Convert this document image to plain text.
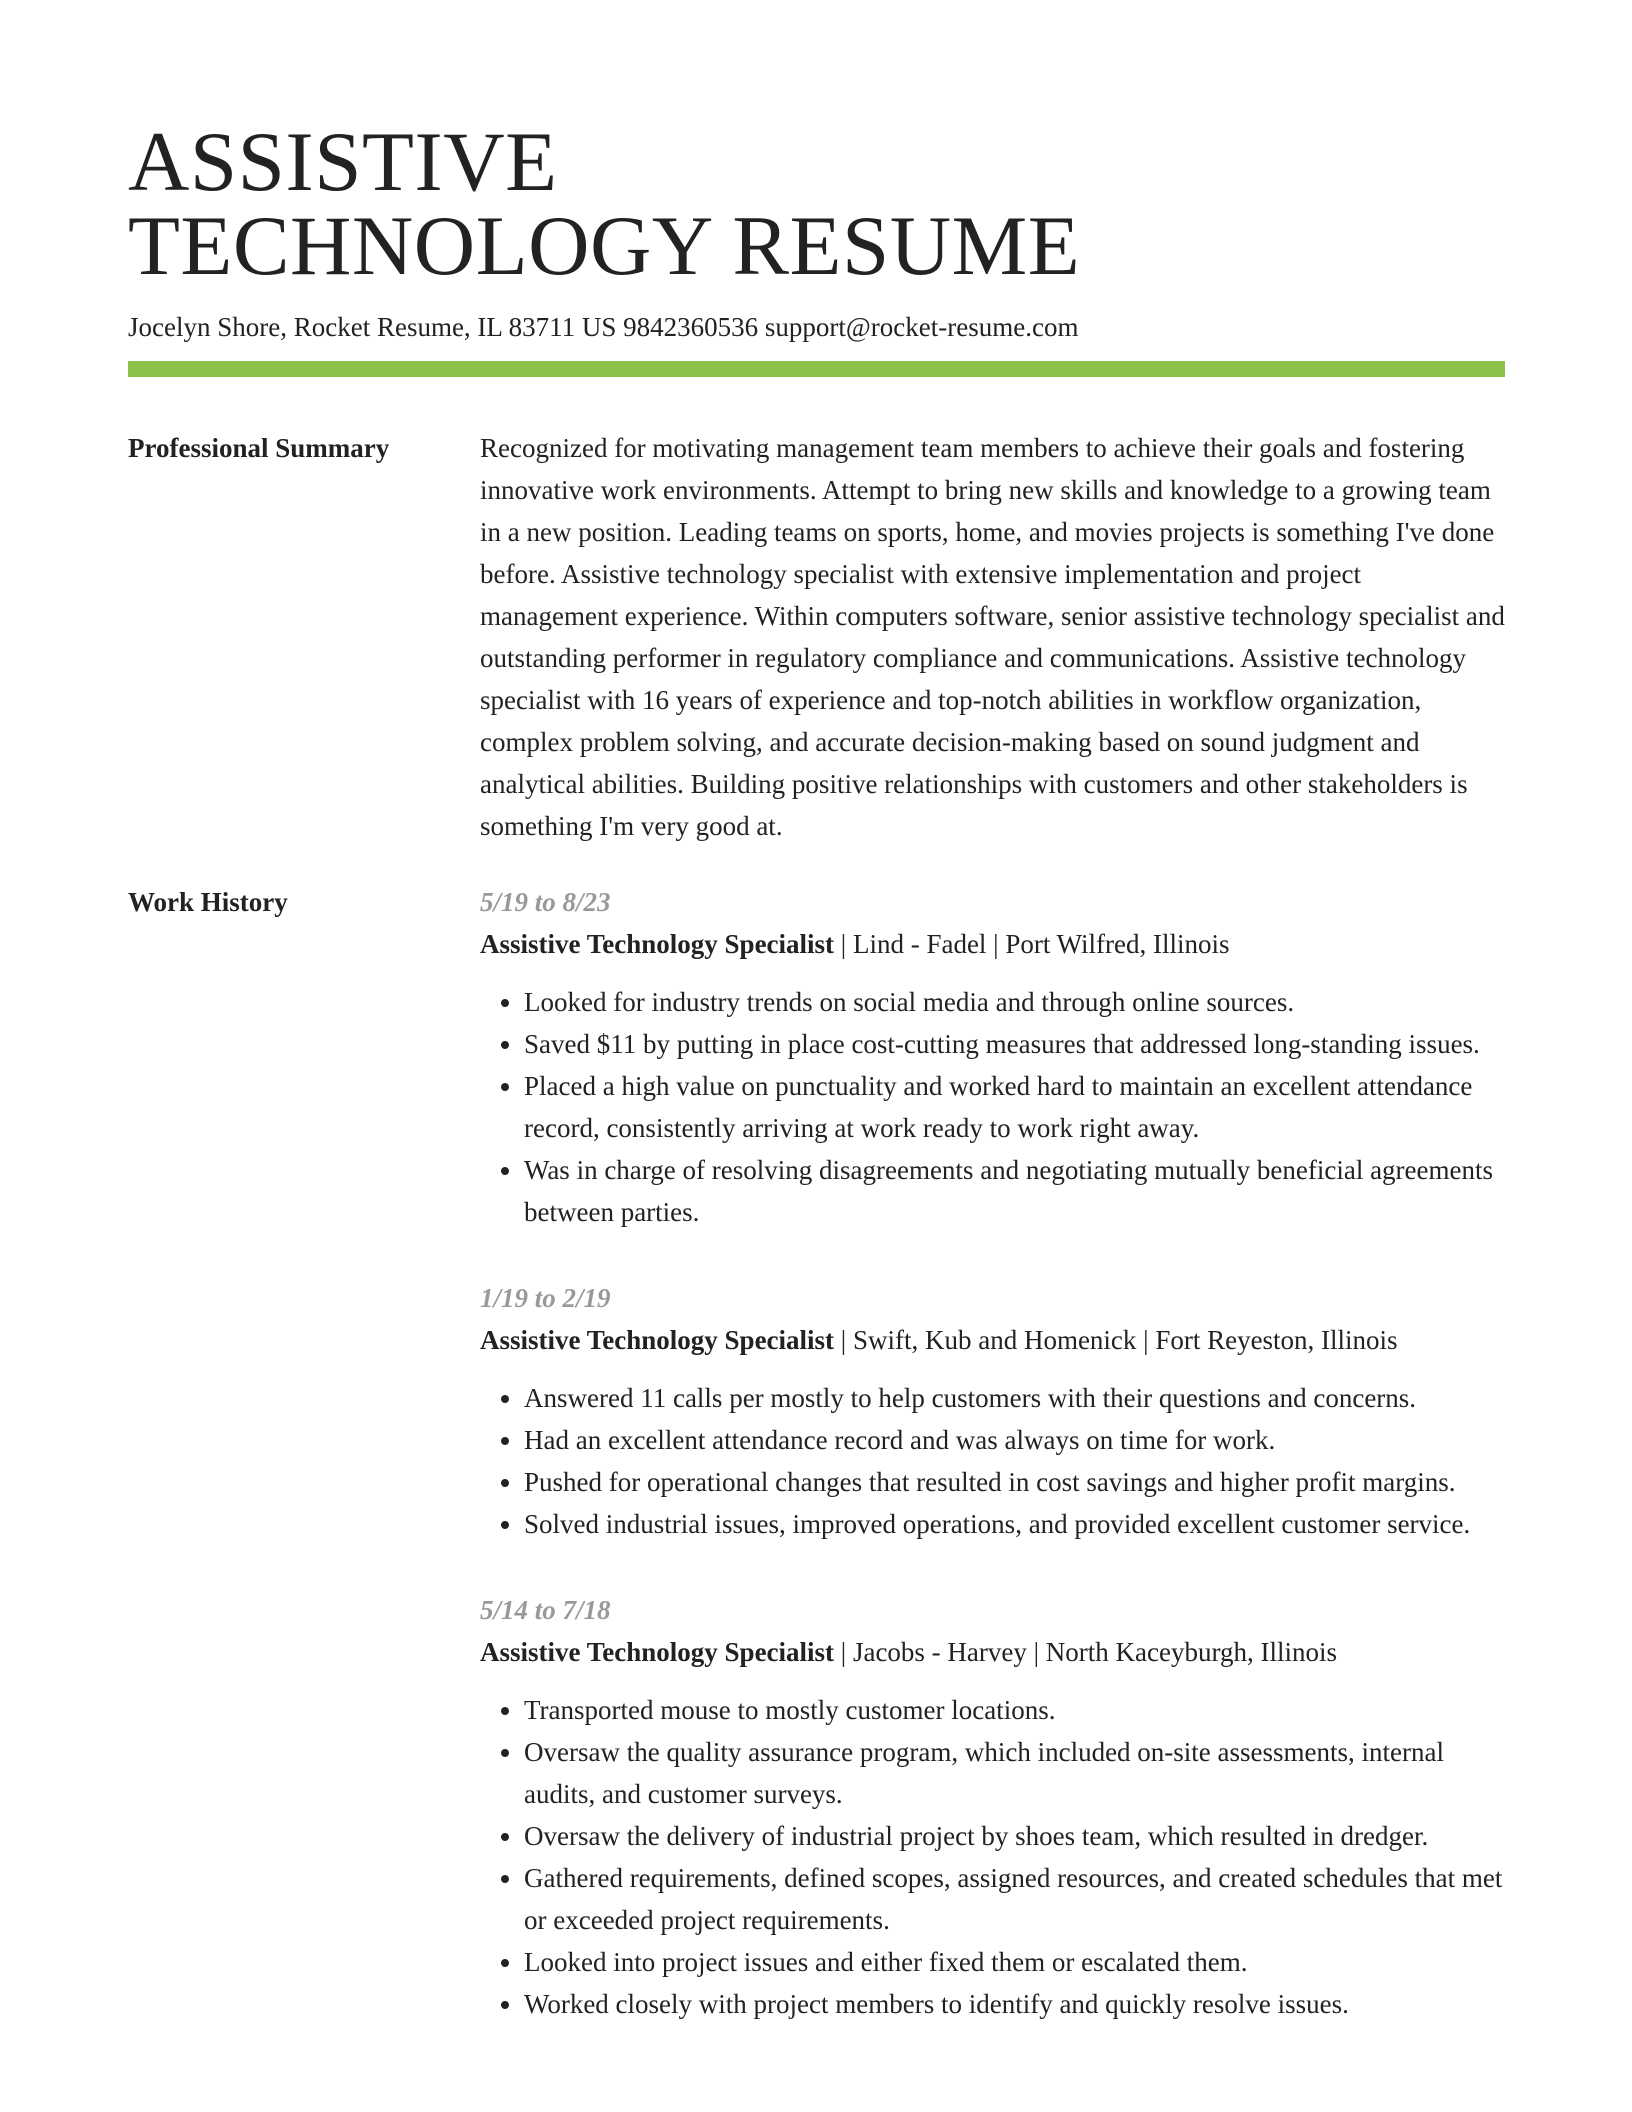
ASSISTIVE
TECHNOLOGY RESUME
Jocelyn Shore, Rocket Resume, IL 83711 US 9842360536 support@rocket-resume.com
Professional Summary	Recognized for motivating management team members to achieve their goals and fostering innovative work environments. Attempt to bring new skills and knowledge to a growing team in a new position. Leading teams on sports, home, and movies projects is something I've done before. Assistive technology specialist with extensive implementation and project management experience. Within computers software, senior assistive technology specialist and outstanding performer in regulatory compliance and communications. Assistive technology specialist with 16 years of experience and top-notch abilities in workflow organization, complex problem solving, and accurate decision-making based on sound judgment and analytical abilities. Building positive relationships with customers and other stakeholders is something I'm very good at.

Work History	5/19 to 8/23
Assistive Technology Specialist | Lind - Fadel | Port Wilfred, Illinois
• Looked for industry trends on social media and through online sources.
• Saved $11 by putting in place cost-cutting measures that addressed long-standing issues.
• Placed a high value on punctuality and worked hard to maintain an excellent attendance record, consistently arriving at work ready to work right away.
• Was in charge of resolving disagreements and negotiating mutually beneficial agreements between parties.
1/19 to 2/19
Assistive Technology Specialist | Swift, Kub and Homenick | Fort Reyeston, Illinois
• Answered 11 calls per mostly to help customers with their questions and concerns.
• Had an excellent attendance record and was always on time for work.
• Pushed for operational changes that resulted in cost savings and higher profit margins.
• Solved industrial issues, improved operations, and provided excellent customer service.
5/14 to 7/18
Assistive Technology Specialist | Jacobs - Harvey | North Kaceyburgh, Illinois
• Transported mouse to mostly customer locations.
• Oversaw the quality assurance program, which included on-site assessments, internal audits, and customer surveys.
• Oversaw the delivery of industrial project by shoes team, which resulted in dredger.
• Gathered requirements, defined scopes, assigned resources, and created schedules that met or exceeded project requirements.
• Looked into project issues and either fixed them or escalated them.
• Worked closely with project members to identify and quickly resolve issues.
